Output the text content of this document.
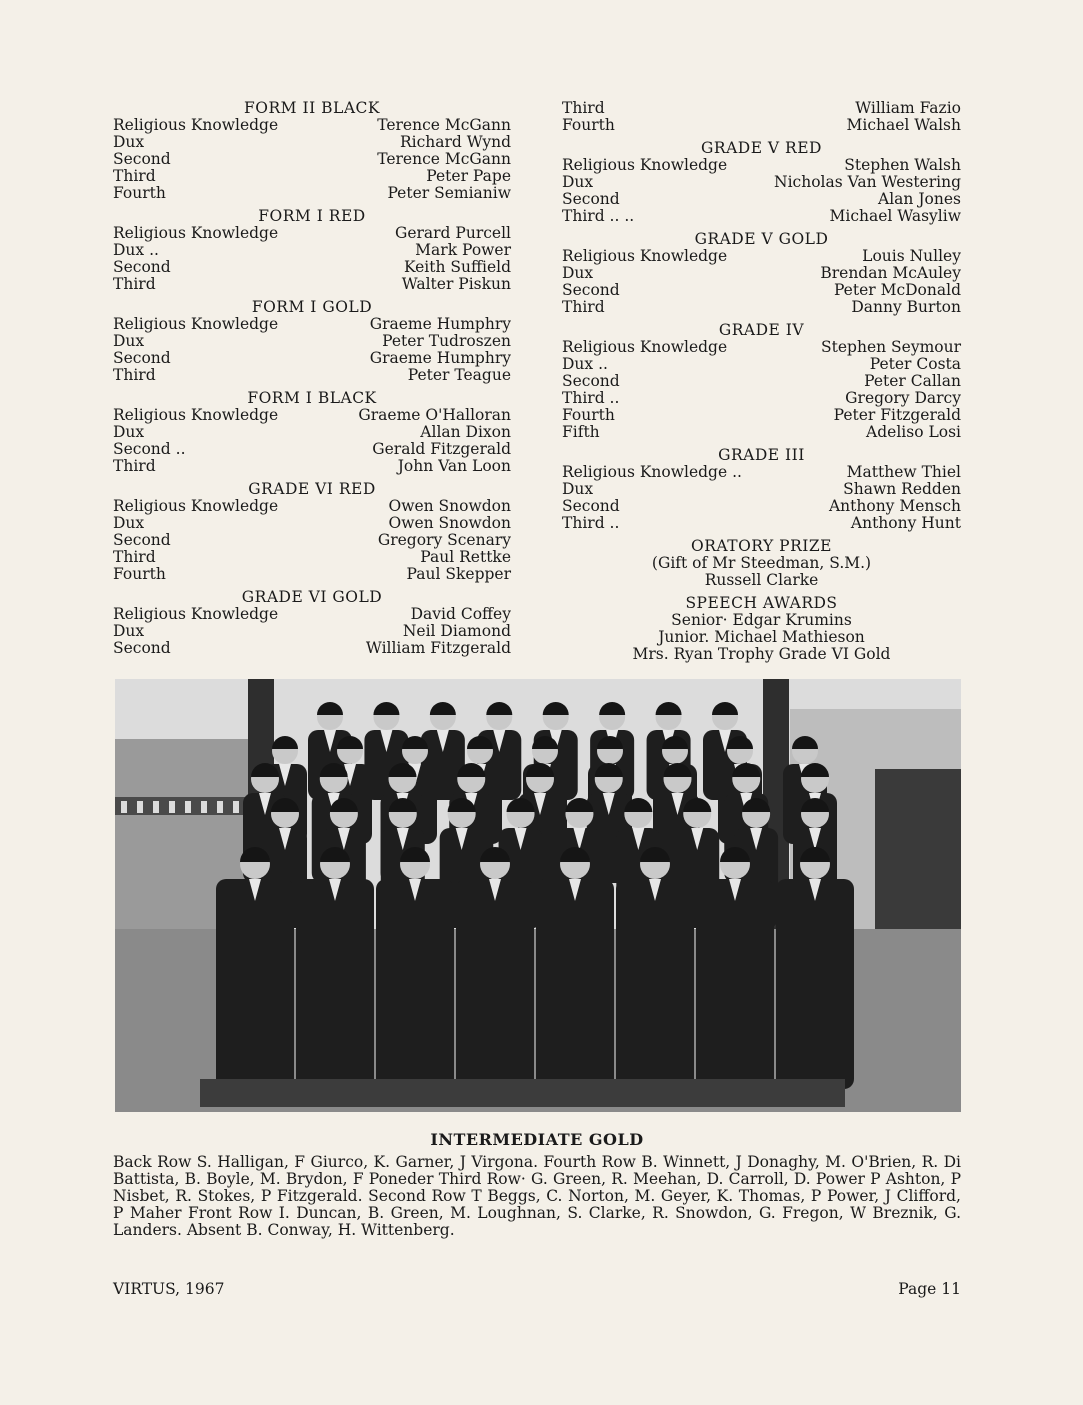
FORM II BLACK
Religious Knowledge	Terence McGann
Dux	Richard Wynd
Second	Terence McGann
Third	Peter Pape
Fourth	Peter Semianiw
FORM I RED
Religious Knowledge	Gerard Purcell
Dux ..	Mark Power
Second	Keith Suffield
Third	Walter Piskun
FORM I GOLD
Religious Knowledge	Graeme Humphry
Dux	Peter Tudroszen
Second	Graeme Humphry
Third	Peter Teague
FORM I BLACK
Religious Knowledge	Graeme O'Halloran
Dux	Allan Dixon
Second ..	Gerald Fitzgerald
Third	John Van Loon
GRADE VI RED
Religious Knowledge	Owen Snowdon
Dux	Owen Snowdon
Second	Gregory Scenary
Third	Paul Rettke
Fourth	Paul Skepper
GRADE VI GOLD
Religious Knowledge	David Coffey
Dux	Neil Diamond
Second	William Fitzgerald
Third	William Fazio
Fourth	Michael Walsh
GRADE V RED
Religious Knowledge	Stephen Walsh
Dux	Nicholas Van Westering
Second	Alan Jones
Third .. ..	Michael Wasyliw
GRADE V GOLD
Religious Knowledge	Louis Nulley
Dux	Brendan McAuley
Second	Peter McDonald
Third	Danny Burton
GRADE IV
Religious Knowledge	Stephen Seymour
Dux ..	Peter Costa
Second	Peter Callan
Third ..	Gregory Darcy
Fourth	Peter Fitzgerald
Fifth	Adeliso Losi
GRADE III
Religious Knowledge ..	Matthew Thiel
Dux	Shawn Redden
Second	Anthony Mensch
Third ..	Anthony Hunt
ORATORY PRIZE
(Gift of Mr Steedman, S.M.)
Russell Clarke
SPEECH AWARDS
Senior· Edgar Krumins
Junior. Michael Mathieson
Mrs. Ryan Trophy Grade VI Gold
INTERMEDIATE GOLD
Back Row S. Halligan, F Giurco, K. Garner, J Virgona. Fourth Row B. Winnett, J Donaghy, M. O'Brien, R. Di Battista, B. Boyle, M. Brydon, F Poneder Third Row· G. Green, R. Meehan, D. Carroll, D. Power P Ashton, P Nisbet, R. Stokes, P Fitzgerald. Second Row T Beggs, C. Norton, M. Geyer, K. Thomas, P Power, J Clifford, P Maher Front Row I. Duncan, B. Green, M. Loughnan, S. Clarke, R. Snowdon, G. Fregon, W Breznik, G. Landers. Absent B. Conway, H. Wittenberg.
VIRTUS, 1967	Page 11
